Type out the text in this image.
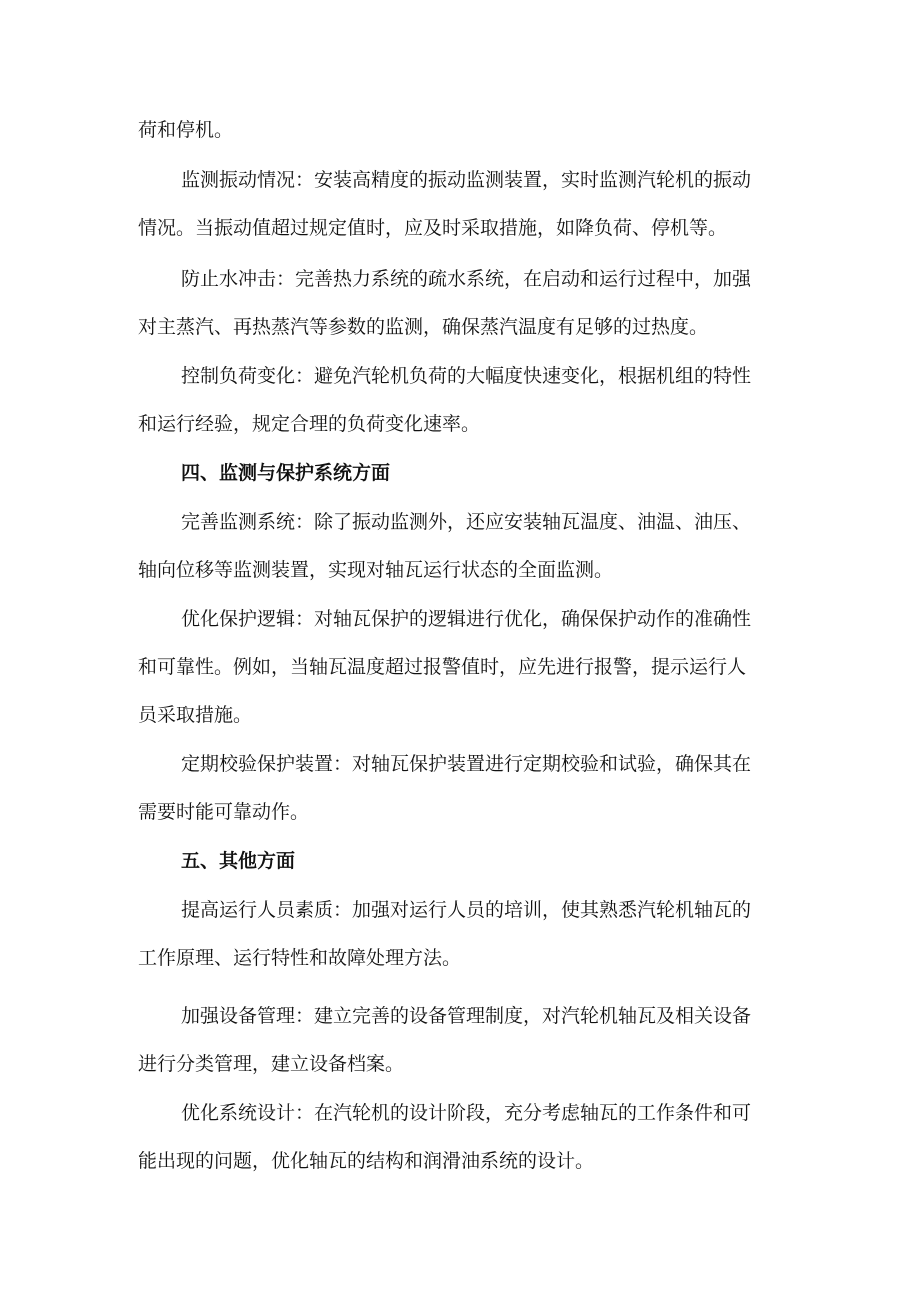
荷和停机。
监测振动情况：安装高精度的振动监测装置，实时监测汽轮机的振动
情况。当振动值超过规定值时，应及时采取措施，如降负荷、停机等。
防止水冲击：完善热力系统的疏水系统，在启动和运行过程中，加强
对主蒸汽、再热蒸汽等参数的监测，确保蒸汽温度有足够的过热度。
控制负荷变化：避免汽轮机负荷的大幅度快速变化，根据机组的特性
和运行经验，规定合理的负荷变化速率。
四、监测与保护系统方面
完善监测系统：除了振动监测外，还应安装轴瓦温度、油温、油压、
轴向位移等监测装置，实现对轴瓦运行状态的全面监测。
优化保护逻辑：对轴瓦保护的逻辑进行优化，确保保护动作的准确性
和可靠性。例如，当轴瓦温度超过报警值时，应先进行报警，提示运行人
员采取措施。
定期校验保护装置：对轴瓦保护装置进行定期校验和试验，确保其在
需要时能可靠动作。
五、其他方面
提高运行人员素质：加强对运行人员的培训，使其熟悉汽轮机轴瓦的
工作原理、运行特性和故障处理方法。
加强设备管理：建立完善的设备管理制度，对汽轮机轴瓦及相关设备
进行分类管理，建立设备档案。
优化系统设计：在汽轮机的设计阶段，充分考虑轴瓦的工作条件和可
能出现的问题，优化轴瓦的结构和润滑油系统的设计。
